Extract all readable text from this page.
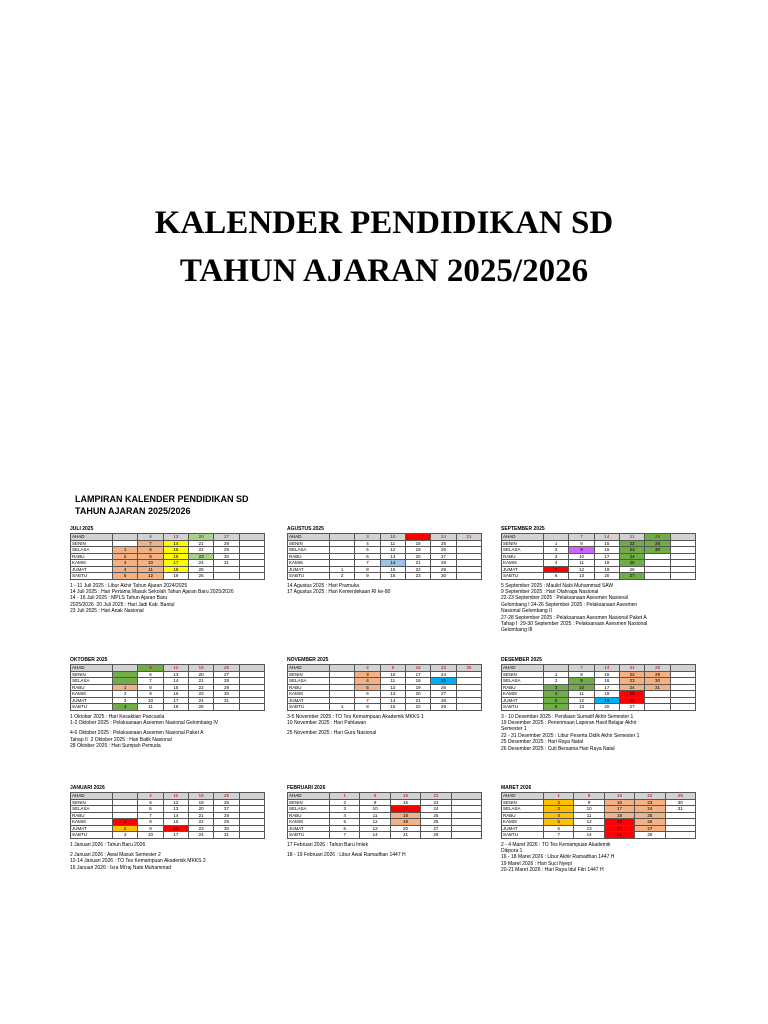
KALENDER PENDIDIKAN SD
TAHUN AJARAN 2025/2026
LAMPIRAN KALENDER PENDIDIKAN SD
TAHUN AJARAN 2025/2026
JULI 2025
AHAD		6	13	20	27	
SENIN		7	14	21	28	
SELASA	1	8	15	22	29	
RABU	2	9	16	23	30	
KAMIS	3	10	17	24	31	
JUMAT	4	11	18	25		
SABTU	5	12	19	26		

1 - 11 Juli 2025 : Libur Akhir Tahun Ajaran 2024/2025

14 Juli 2025 : Hari Pertama Masuk Sekolah Tahun Ajaran Baru 2025/2026

14 - 16 Juli 2025 : MPLS Tahun Ajaran Baru

2025/2026  20 Juli 2025 : Hari Jadi Kab. Bantul

23 Juli 2025 : Hari Anak Nasional

AGUSTUS 2025
AHAD		3	10	17	24	31
SENIN		4	11	18	25	
SELASA		5	12	19	26	
RABU		6	13	20	27	
KAMIS		7	14	21	28	
JUMAT	1	8	15	22	29	
SABTU	2	9	16	23	30	

14 Agustus 2025 : Hari Pramuka

17 Agustus 2025 : Hari Kemerdekaan RI ke-80

SEPTEMBER 2025
AHAD		7	14	21	28	
SENIN	1	8	15	22	29	
SELASA	2	9	16	23	30	
RABU	3	10	17	24		
KAMIS	4	11	18	25		
JUMAT	5	12	19	26		
SABTU	6	13	20	27		

5 September 2025 : Maulid Nabi Muhammad SAW

9 September 2025 : Hari Olahraga Nasional

22-23 September 2025 : Pelaksanaan Asesmen Nasional

Gelombang I 24-26 September 2025 : Pelaksanaan Asesmen

Nasional Gelombang II

27-28 September 2025 : Pelaksanaan Asesmen Nasional Paket A

Tahap I  29-30 September 2025 : Pelaksanaan Asesmen Nasional

Gelombang III

OKTOBER 2025
AHAD		5	12	19	26	
SENIN		6	13	20	27	
SELASA		7	14	21	28	
RABU	1	8	15	22	29	
KAMIS	2	9	16	23	30	
JUMAT	3	10	17	24	31	
SABTU	4	11	18	25		

1 Oktober 2025 : Hari Kesaktian Pancasila

1-2 Oktober 2025 : Pelaksanaan Asesmen Nasional Gelombang IV

4-6 Oktober 2025 : Pelaksanaan Asesmen Nasional Paket A

Tahap II  2 Oktober 2025 : Hari Batik Nasional

28 Oktober 2025 : Hari Sumpah Pemuda

NOVEMBER 2025
AHAD		2	9	16	23	30
SENIN		3	10	17	24	
SELASA		4	11	18	25	
RABU		5	12	19	26	
KAMIS		6	13	20	27	
JUMAT		7	14	21	28	
SABTU	1	8	15	22	29	

3-5 November 2025 : TO Tes Kemampuan Akademik MKKS 1

10 November 2025 : Hari Pahlawan

25 November 2025 : Hari Guru Nasional

DESEMBER 2025
AHAD		7	14	21	28	
SENIN	1	8	15	22	29	
SELASA	2	9	16	23	30	
RABU	3	10	17	24	31	
KAMIS	4	11	18	25		
JUMAT	5	12	19	26		
SABTU	6	13	20	27		

3 - 10 Desember 2025 : Penilaian Sumatif Akhir Semester 1

19 Desember 2025 : Penerimaan Laporan Hasil Belajar Akhir

Semester 1

22 - 31 Desember 2025 : Libur Peserta Didik Akhir Semester 1

25 Desember 2025 : Hari Raya Natal

26 Desember 2025 : Cuti Bersama Hari Raya Natal

JANUARI 2026
AHAD		4	11	18	25	
SENIN		5	12	19	26	
SELASA		6	13	20	27	
RABU		7	14	21	28	
KAMIS	1	8	15	22	29	
JUMAT	2	9	16	23	30	
SABTU	3	10	17	24	31	

1 Januari 2026 : Tahun Baru 2026

2 Januari 2026 : Awal Masuk Semester 2

12-14 Januari 2026 : TO Tes Kemampuan Akademik MKKS 2

16 Januari 2026 : Isra Mi'raj Nabi Muhammad

FEBRUARI 2026
AHAD	1	8	15	22	
SENIN	2	9	16	23	
SELASA	3	10	17	24	
RABU	4	11	18	25	
KAMIS	5	12	19	26	
JUMAT	6	13	20	27	
SABTU	7	14	21	28	

17 Februari 2026 : Tahun Baru Imlek

18 - 19 Februari 2026 : Libur Awal Ramadhan 1447 H

MARET 2026
AHAD	1	8	15	22	29
SENIN	2	9	16	23	30
SELASA	3	10	17	24	31
RABU	4	11	18	25	
KAMIS	5	12	19	26	
JUMAT	6	13	20	27	
SABTU	7	14	21	28	

2 - 4 Maret 2026 : TO Tes Kemampuan Akademik

Dikpora 1

16 - 18 Maret 2026 : Libur Akhir Ramadhan 1447 H

19 Maret 2026 : Hari Suci Nyepi

20-21 Maret 2026 : Hari Raya Idul Fitri 1447 H
